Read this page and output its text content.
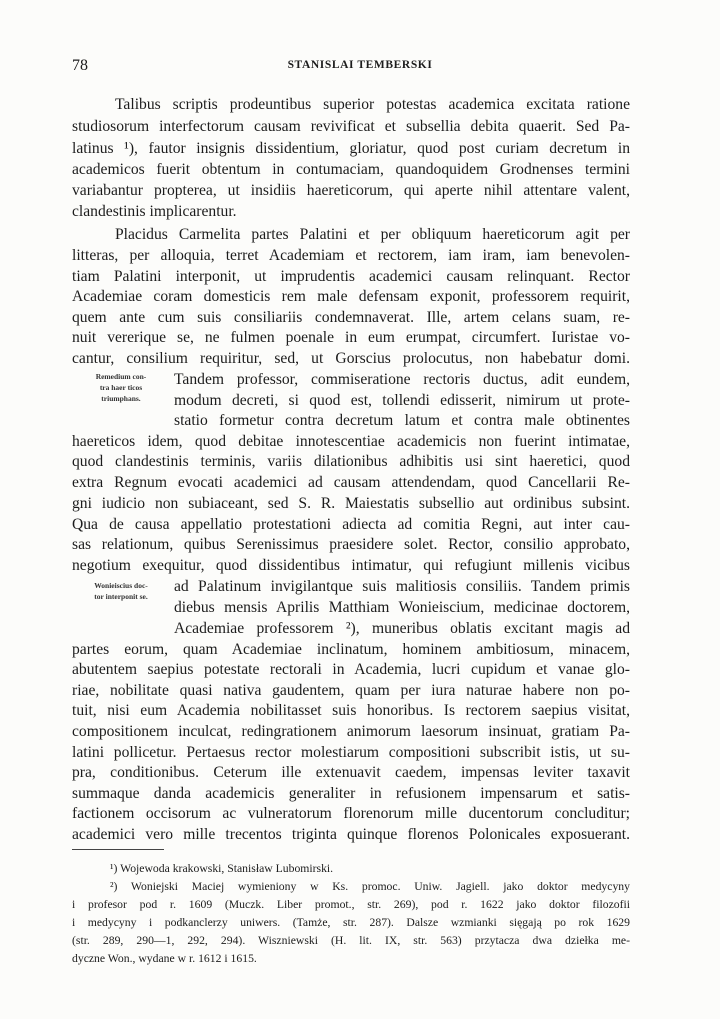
78	STANISLAI TEMBERSKI
Talibus scriptis prodeuntibus superior potestas academica excitata ratione
studiosorum interfectorum causam revivificat et subsellia debita quaerit. Sed Pa-
latinus ¹), fautor insignis dissidentium, gloriatur, quod post curiam decretum in
academicos fuerit obtentum in contumaciam, quandoquidem Grodnenses termini
variabantur propterea, ut insidiis haereticorum, qui aperte nihil attentare valent,
clandestinis implicarentur.
Placidus Carmelita partes Palatini et per obliquum haereticorum agit per
litteras, per alloquia, terret Academiam et rectorem, iam iram, iam benevolen-
tiam Palatini interponit, ut imprudentis academici causam relinquant. Rector
Academiae coram domesticis rem male defensam exponit, professorem requirit,
quem ante cum suis consiliariis condemnaverat. Ille, artem celans suam, re-
nuit vererique se, ne fulmen poenale in eum erumpat, circumfert. Iuristae vo-
cantur, consilium requiritur, sed, ut Gorscius prolocutus, non habebatur domi.
Tandem professor, commiseratione rectoris ductus, adit eundem,
modum decreti, si quod est, tollendi edisserit, nimirum ut prote-
statio formetur contra decretum latum et contra male obtinentes
haereticos idem, quod debitae innotescentiae academicis non fuerint intimatae,
quod clandestinis terminis, variis dilationibus adhibitis usi sint haeretici, quod
extra Regnum evocati academici ad causam attendendam, quod Cancellarii Re-
gni iudicio non subiaceant, sed S. R. Maiestatis subsellio aut ordinibus subsint.
Qua de causa appellatio protestationi adiecta ad comitia Regni, aut inter cau-
sas relationum, quibus Serenissimus praesidere solet. Rector, consilio approbato,
negotium exequitur, quod dissidentibus intimatur, qui refugiunt millenis vicibus
ad Palatinum invigilantque suis malitiosis consiliis. Tandem primis
diebus mensis Aprilis Matthiam Wonieiscium, medicinae doctorem,
Academiae professorem ²), muneribus oblatis excitant magis ad
partes eorum, quam Academiae inclinatum, hominem ambitiosum, minacem,
abutentem saepius potestate rectorali in Academia, lucri cupidum et vanae glo-
riae, nobilitate quasi nativa gaudentem, quam per iura naturae habere non po-
tuit, nisi eum Academia nobilitasset suis honoribus. Is rectorem saepius visitat,
compositionem inculcat, redingrationem animorum laesorum insinuat, gratiam Pa-
latini pollicetur. Pertaesus rector molestiarum compositioni subscribit istis, ut su-
pra, conditionibus. Ceterum ille extenuavit caedem, impensas leviter taxavit
summaque danda academicis generaliter in refusionem impensarum et satis-
factionem occisorum ac vulneratorum florenorum mille ducentorum concluditur;
academici vero mille trecentos triginta quinque florenos Polonicales exposuerant.
Remedium con-
tra haer ticos
triumphans.
Wonieiscius doc-
tor interponit se.
¹) Wojewoda krakowski, Stanisław Lubomirski.
²) Woniejski Maciej wymieniony w Ks. promoc. Uniw. Jagiell. jako doktor medycyny
i profesor pod r. 1609 (Muczk. Liber promot., str. 269), pod r. 1622 jako doktor filozofii
i medycyny i podkanclerzy uniwers. (Tamże, str. 287). Dalsze wzmianki sięgają po rok 1629
(str. 289, 290—1, 292, 294). Wiszniewski (H. lit. IX, str. 563) przytacza dwa dziełka me-
dyczne Won., wydane w r. 1612 i 1615.
